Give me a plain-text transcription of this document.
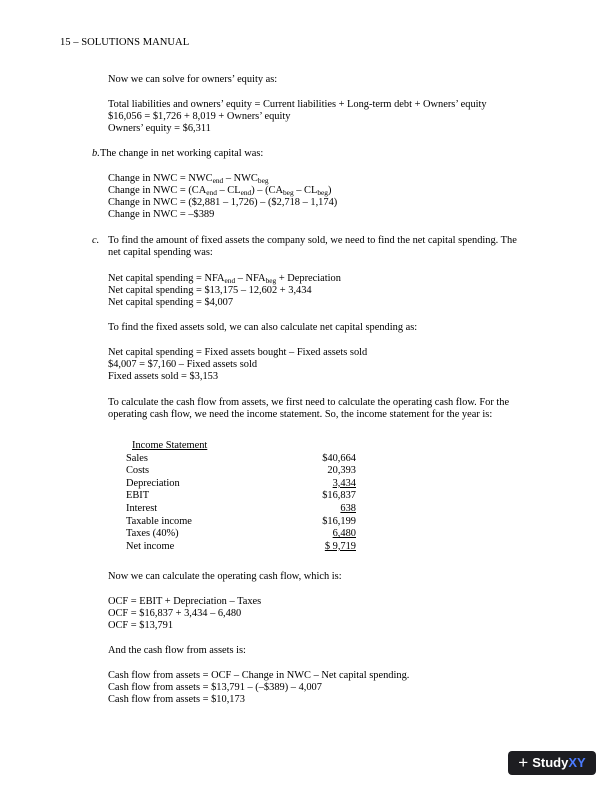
15 – SOLUTIONS MANUAL
Now we can solve for owners’ equity as:
Total liabilities and owners’ equity = Current liabilities + Long-term debt + Owners’ equity
$16,056 = $1,726 + 8,019 + Owners’ equity
Owners’ equity = $6,311
b. The change in net working capital was:
Change in NWC = $NWC_{end} - NWC_{beg}$
Change in NWC = $(CA_{end} - CL_{end}) - (CA_{beg} - CL_{beg})$
Change in NWC = ($2,881 – 1,726) – ($2,718 – 1,174)
Change in NWC = –$389
c. To find the amount of fixed assets the company sold, we need to find the net capital spending. The
net capital spending was:
Net capital spending = $NFA_{end} - NFA_{beg}$ + Depreciation
Net capital spending = $13,175 – 12,602 + 3,434
Net capital spending = $4,007
To find the fixed assets sold, we can also calculate net capital spending as:
Net capital spending = Fixed assets bought – Fixed assets sold
$4,007 = $7,160 – Fixed assets sold
Fixed assets sold = $3,153
To calculate the cash flow from assets, we first need to calculate the operating cash flow. For the
operating cash flow, we need the income statement. So, the income statement for the year is:
Income Statement
Sales	$40,664
Costs	20,393
Depreciation	3,434
EBIT	$16,837
Interest	638
Taxable income	$16,199
Taxes (40%)	6,480
Net income	$ 9,719
Now we can calculate the operating cash flow, which is:
OCF = EBIT + Depreciation – Taxes
OCF = $16,837 + 3,434 – 6,480
OCF = $13,791
And the cash flow from assets is:
Cash flow from assets = OCF – Change in NWC – Net capital spending.
Cash flow from assets = $13,791 – (–$389) – 4,007
Cash flow from assets = $10,173
+ StudyXY
